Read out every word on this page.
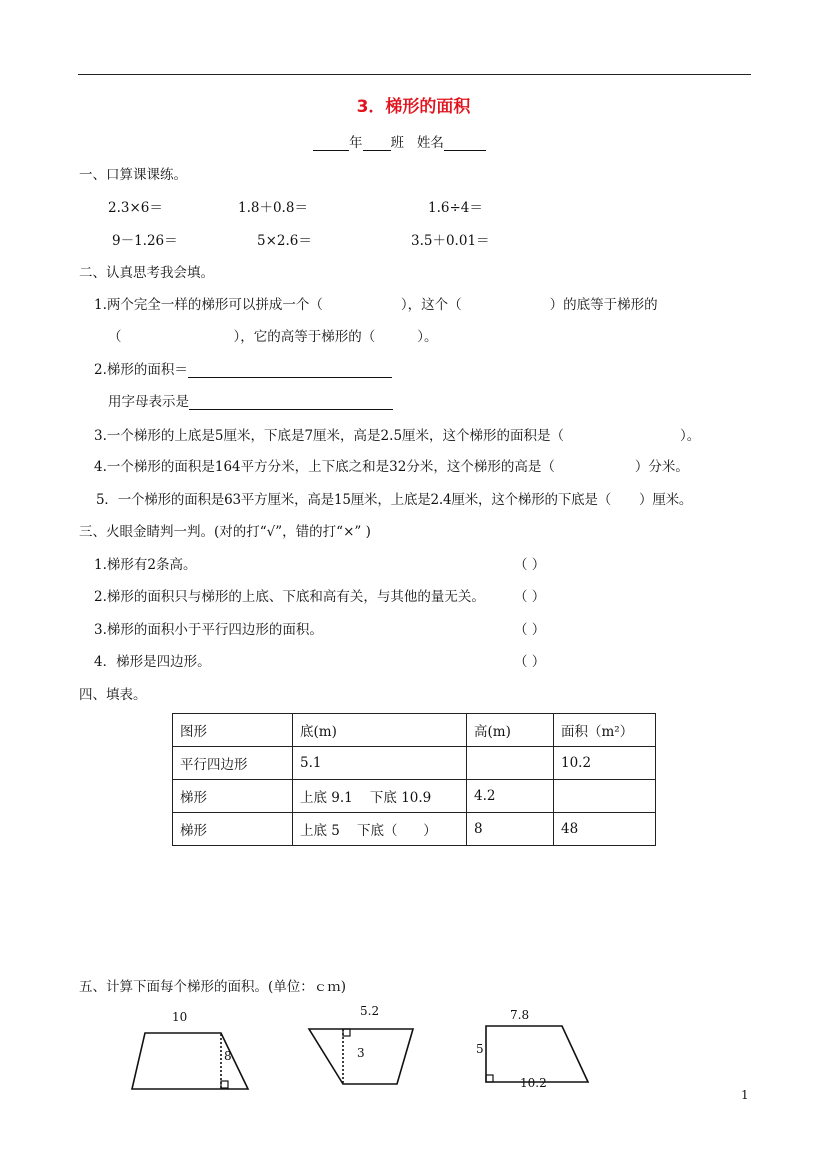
3．梯形的面积
年 班 姓名
一、口算课课练。
2.3×6＝	1.8＋0.8＝	1.6÷4＝
9－1.26＝	5×2.6＝	3.5＋0.01＝
二、认真思考我会填。
1.两个完全一样的梯形可以拼成一个（	），这个（	）的底等于梯形的
（	），它的高等于梯形的（	）。
2.梯形的面积＝
用字母表示是
3.一个梯形的上底是5厘米，下底是7厘米，高是2.5厘米，这个梯形的面积是（	）。
4.一个梯形的面积是164平方分米，上下底之和是32分米，这个梯形的高是（	）分米。
5．一个梯形的面积是63平方厘米，高是15厘米，上底是2.4厘米，这个梯形的下底是（ ）厘米。
三、火眼金睛判一判。(对的打“√”，错的打“×” )
1.梯形有2条高。	（ ）
2.梯形的面积只与梯形的上底、下底和高有关，与其他的量无关。 （ ）
3.梯形的面积小于平行四边形的面积。	（ ）
4．梯形是四边形。	（ ）
四、填表。
图形	底(m)	高(m)	面积（m²）
平行四边形	5.1		10.2
梯形	上底 9.1    下底 10.9	4.2	
梯形	上底 5    下底（      ）	8	48
五、计算下面每个梯形的面积。(单位：ｃｍ)
10
8
5.2
3
7.8
5
10.2
1
